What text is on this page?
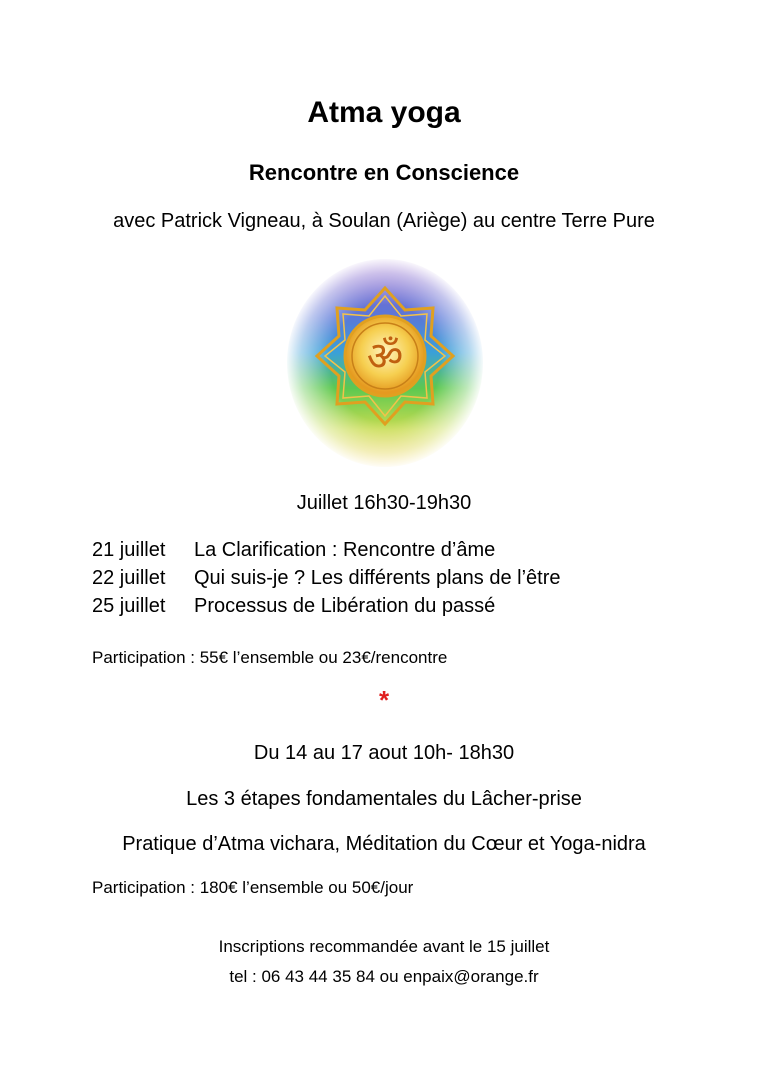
Atma yoga
Rencontre en Conscience
avec Patrick Vigneau, à Soulan (Ariège) au centre Terre Pure
ॐ
Juillet 16h30-19h30
21 juillet La Clarification : Rencontre d’âme
22 juillet Qui suis-je ? Les différents plans de l’être
25 juillet Processus de Libération du passé
Participation : 55€ l’ensemble ou 23€/rencontre
*
Du 14 au 17 aout 10h- 18h30
Les 3 étapes fondamentales du Lâcher-prise
Pratique d’Atma vichara, Méditation du Cœur et Yoga-nidra
Participation : 180€ l’ensemble ou 50€/jour
Inscriptions recommandée avant le 15 juillet
tel : 06 43 44 35 84 ou enpaix@orange.fr
